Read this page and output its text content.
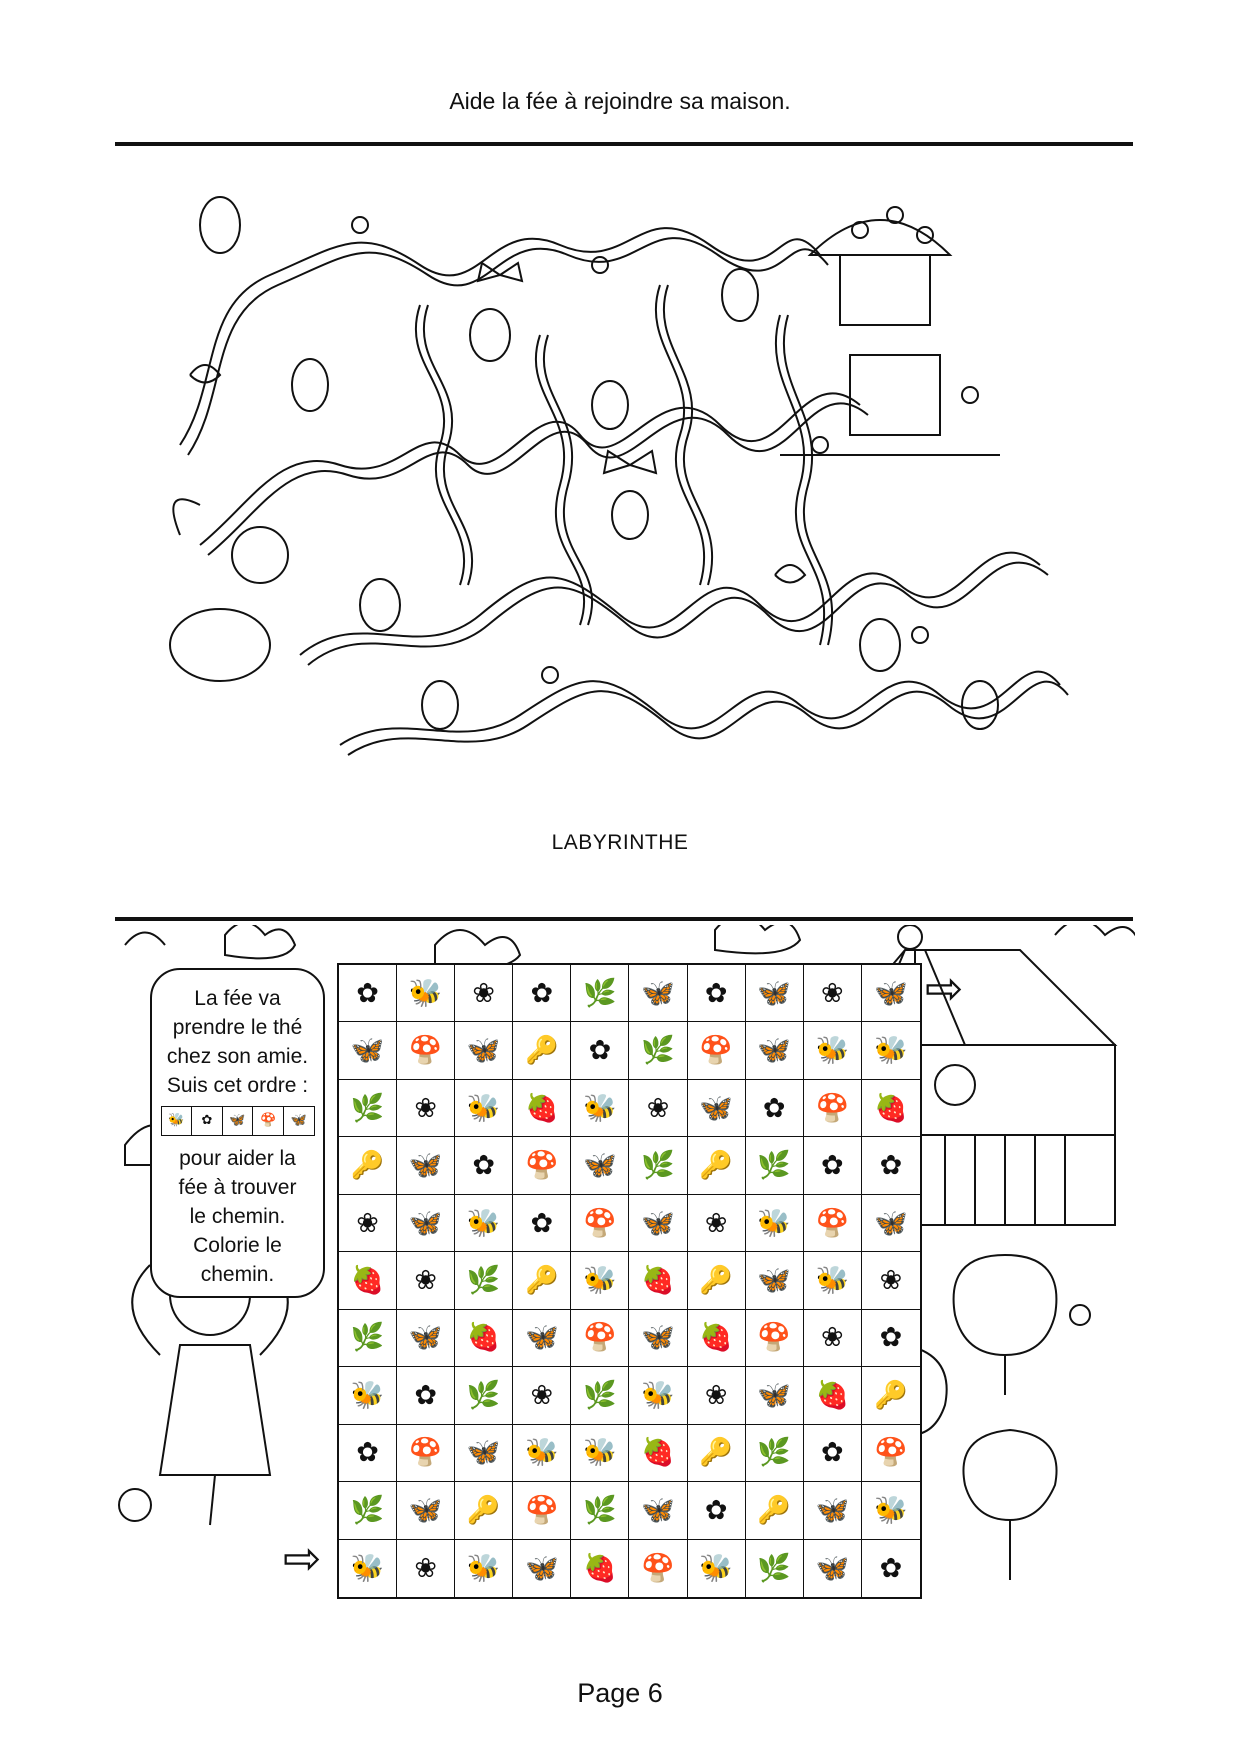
Aide la fée à rejoindre sa maison.
LABYRINTHE
La fée va
prendre le thé
chez son amie.
Suis cet ordre :
🐝	✿	🦋	🍄	🦋
pour aider la
fée à trouver
le chemin.
Colorie le
chemin.
✿	🐝	❀	✿	🌿 🦋	✿	🦋	❀	🦋
🦋 🍄 🦋 🔑	✿	🌿 🍄 🦋 🐝 🐝
🌿	❀	🐝 🍓 🐝	❀	🦋	✿	🍄 🍓
🔑 🦋	✿	🍄 🦋 🌿 🔑 🌿	✿	✿
❀	🦋 🐝	✿	🍄 🦋	❀	🐝 🍄 🦋
🍓	❀	🌿 🔑 🐝 🍓 🔑 🦋 🐝	❀
🌿 🦋 🍓 🦋 🍄 🦋 🍓 🍄	❀	✿
🐝	✿	🌿	❀	🌿 🐝	❀	🦋 🍓 🔑
✿	🍄 🦋 🐝 🐝 🍓 🔑 🌿	✿	🍄
🌿 🦋 🔑 🍄 🌿 🦋	✿	🔑 🦋 🐝
🐝	❀	🐝 🦋 🍓 🍄 🐝 🌿 🦋	✿
⇨
⇨
Page 6
